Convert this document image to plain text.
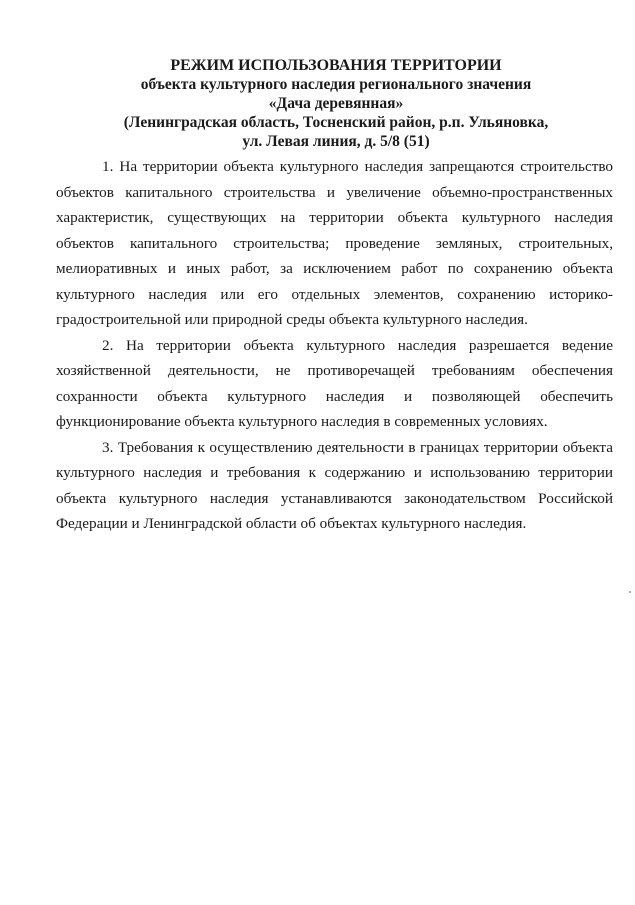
РЕЖИМ ИСПОЛЬЗОВАНИЯ ТЕРРИТОРИИ
объекта культурного наследия регионального значения
«Дача деревянная»
(Ленинградская область, Тосненский район, р.п. Ульяновка,
ул. Левая линия, д. 5/8 (51)

1. На территории объекта культурного наследия запрещаются строительство объектов капитального строительства и увеличение объемно-пространственных характеристик, существующих на территории объекта культурного наследия объектов капитального строительства; проведение земляных, строительных, мелиоративных и иных работ, за исключением работ по сохранению объекта культурного наследия или его отдельных элементов, сохранению историко-градостроительной или природной среды объекта культурного наследия.

2. На территории объекта культурного наследия разрешается ведение хозяйственной деятельности, не противоречащей требованиям обеспечения сохранности объекта культурного наследия и позволяющей обеспечить функционирование объекта культурного наследия в современных условиях.

3. Требования к осуществлению деятельности в границах территории объекта культурного наследия и требования к содержанию и использованию территории объекта культурного наследия устанавливаются законодательством Российской Федерации и Ленинградской области об объектах культурного наследия.
